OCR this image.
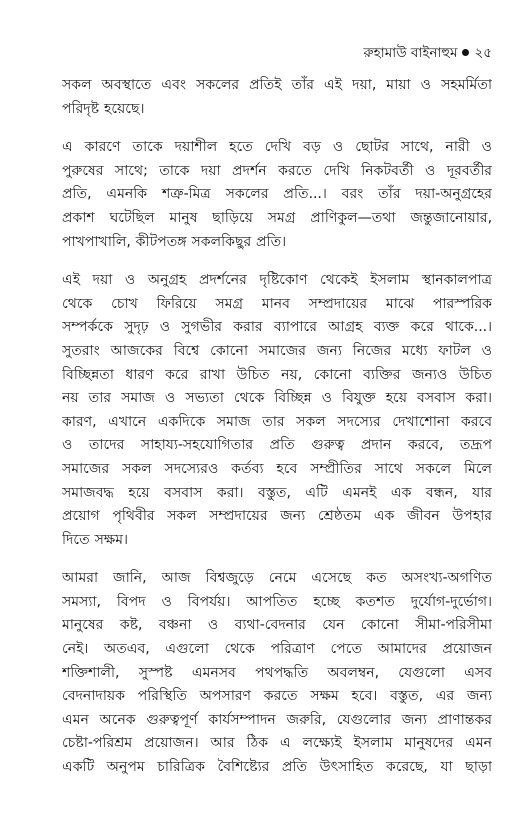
রুহামাউ বাইনাহুম ২৫

সকল অবস্থাতে এবং সকলের প্রতিই তাঁর এই দয়া, মায়া ও সহমর্মিতা
পরিদৃষ্ট হয়েছে।

এ কারণে তাকে দয়াশীল হতে দেখি বড় ও ছোটর সাথে, নারী ও
পুরুষের সাথে; তাকে দয়া প্রদর্শন করতে দেখি নিকটবর্তী ও দূরবর্তীর
প্রতি, এমনকি শত্রু-মিত্র সকলের প্রতি...। বরং তাঁর দয়া-অনুগ্রহের
প্রকাশ ঘটেছিল মানুষ ছাড়িয়ে সমগ্র প্রাণিকুল—তথা জন্তুজানোয়ার,
পাখপাখালি, কীটপতঙ্গ সকলকিছুর প্রতি।

এই দয়া ও অনুগ্রহ প্রদর্শনের দৃষ্টিকোণ থেকেই ইসলাম স্থানকালপাত্র
থেকে চোখ ফিরিয়ে সমগ্র মানব সম্প্রদায়ের মাঝে পারস্পরিক
সম্পর্ককে সুদৃঢ় ও সুগভীর করার ব্যাপারে আগ্রহ ব্যক্ত করে থাকে...।
সুতরাং আজকের বিশ্বে কোনো সমাজের জন্য নিজের মধ্যে ফাটল ও
বিচ্ছিন্নতা ধারণ করে রাখা উচিত নয়, কোনো ব্যক্তির জন্যও উচিত
নয় তার সমাজ ও সভ্যতা থেকে বিচ্ছিন্ন ও বিযুক্ত হয়ে বসবাস করা।
কারণ, এখানে একদিকে সমাজ তার সকল সদস্যের দেখাশোনা করবে
ও তাদের সাহায্য-সহযোগিতার প্রতি গুরুত্ব প্রদান করবে, তদ্রূপ
সমাজের সকল সদস্যেরও কর্তব্য হবে সম্প্রীতির সাথে সকলে মিলে
সমাজবদ্ধ হয়ে বসবাস করা। বস্তুত, এটি এমনই এক বন্ধন, যার
প্রয়োগ পৃথিবীর সকল সম্প্রদায়ের জন্য শ্রেষ্ঠতম এক জীবন উপহার
দিতে সক্ষম।

আমরা জানি, আজ বিশ্বজুড়ে নেমে এসেছে কত অসংখ্য-অগণিত
সমস্যা, বিপদ ও বিপর্যয়। আপতিত হচ্ছে কতশত দুর্যোগ-দুর্ভোগ।
মানুষের কষ্ট, বঞ্চনা ও ব্যথা-বেদনার যেন কোনো সীমা-পরিসীমা
নেই। অতএব, এগুলো থেকে পরিত্রাণ পেতে আমাদের প্রয়োজন
শক্তিশালী, সুস্পষ্ট এমনসব পথপদ্ধতি অবলম্বন, যেগুলো এসব
বেদনাদায়ক পরিস্থিতি অপসারণ করতে সক্ষম হবে। বস্তুত, এর জন্য
এমন অনেক গুরুত্বপূর্ণ কার্যসম্পাদন জরুরি, যেগুলোর জন্য প্রাণান্তকর
চেষ্টা-পরিশ্রম প্রয়োজন। আর ঠিক এ লক্ষ্যেই ইসলাম মানুষদের এমন
একটি অনুপম চারিত্রিক বৈশিষ্ট্যের প্রতি উৎসাহিত করেছে, যা ছাড়া
